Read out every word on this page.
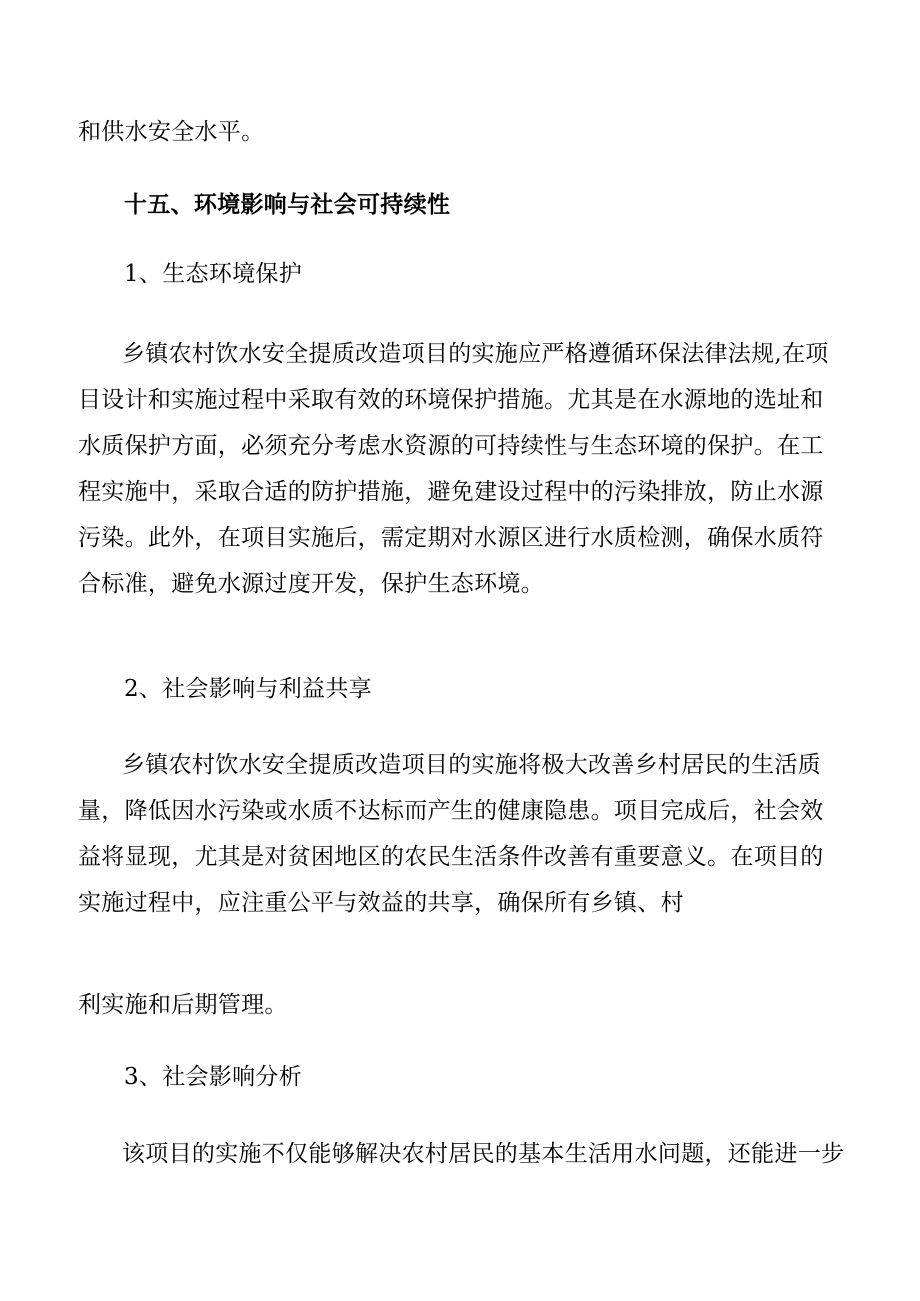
和供水安全水平。
十五、环境影响与社会可持续性
1、生态环境保护
乡镇农村饮水安全提质改造项目的实施应严格遵循环保法律法规,在项
目设计和实施过程中采取有效的环境保护措施。尤其是在水源地的选址和
水质保护方面，必须充分考虑水资源的可持续性与生态环境的保护。在工
程实施中，采取合适的防护措施，避免建设过程中的污染排放，防止水源
污染。此外，在项目实施后，需定期对水源区进行水质检测，确保水质符
合标准，避免水源过度开发，保护生态环境。
2、社会影响与利益共享
乡镇农村饮水安全提质改造项目的实施将极大改善乡村居民的生活质
量，降低因水污染或水质不达标而产生的健康隐患。项目完成后，社会效
益将显现，尤其是对贫困地区的农民生活条件改善有重要意义。在项目的
实施过程中，应注重公平与效益的共享，确保所有乡镇、村
利实施和后期管理。
3、社会影响分析
该项目的实施不仅能够解决农村居民的基本生活用水问题，还能进一步
